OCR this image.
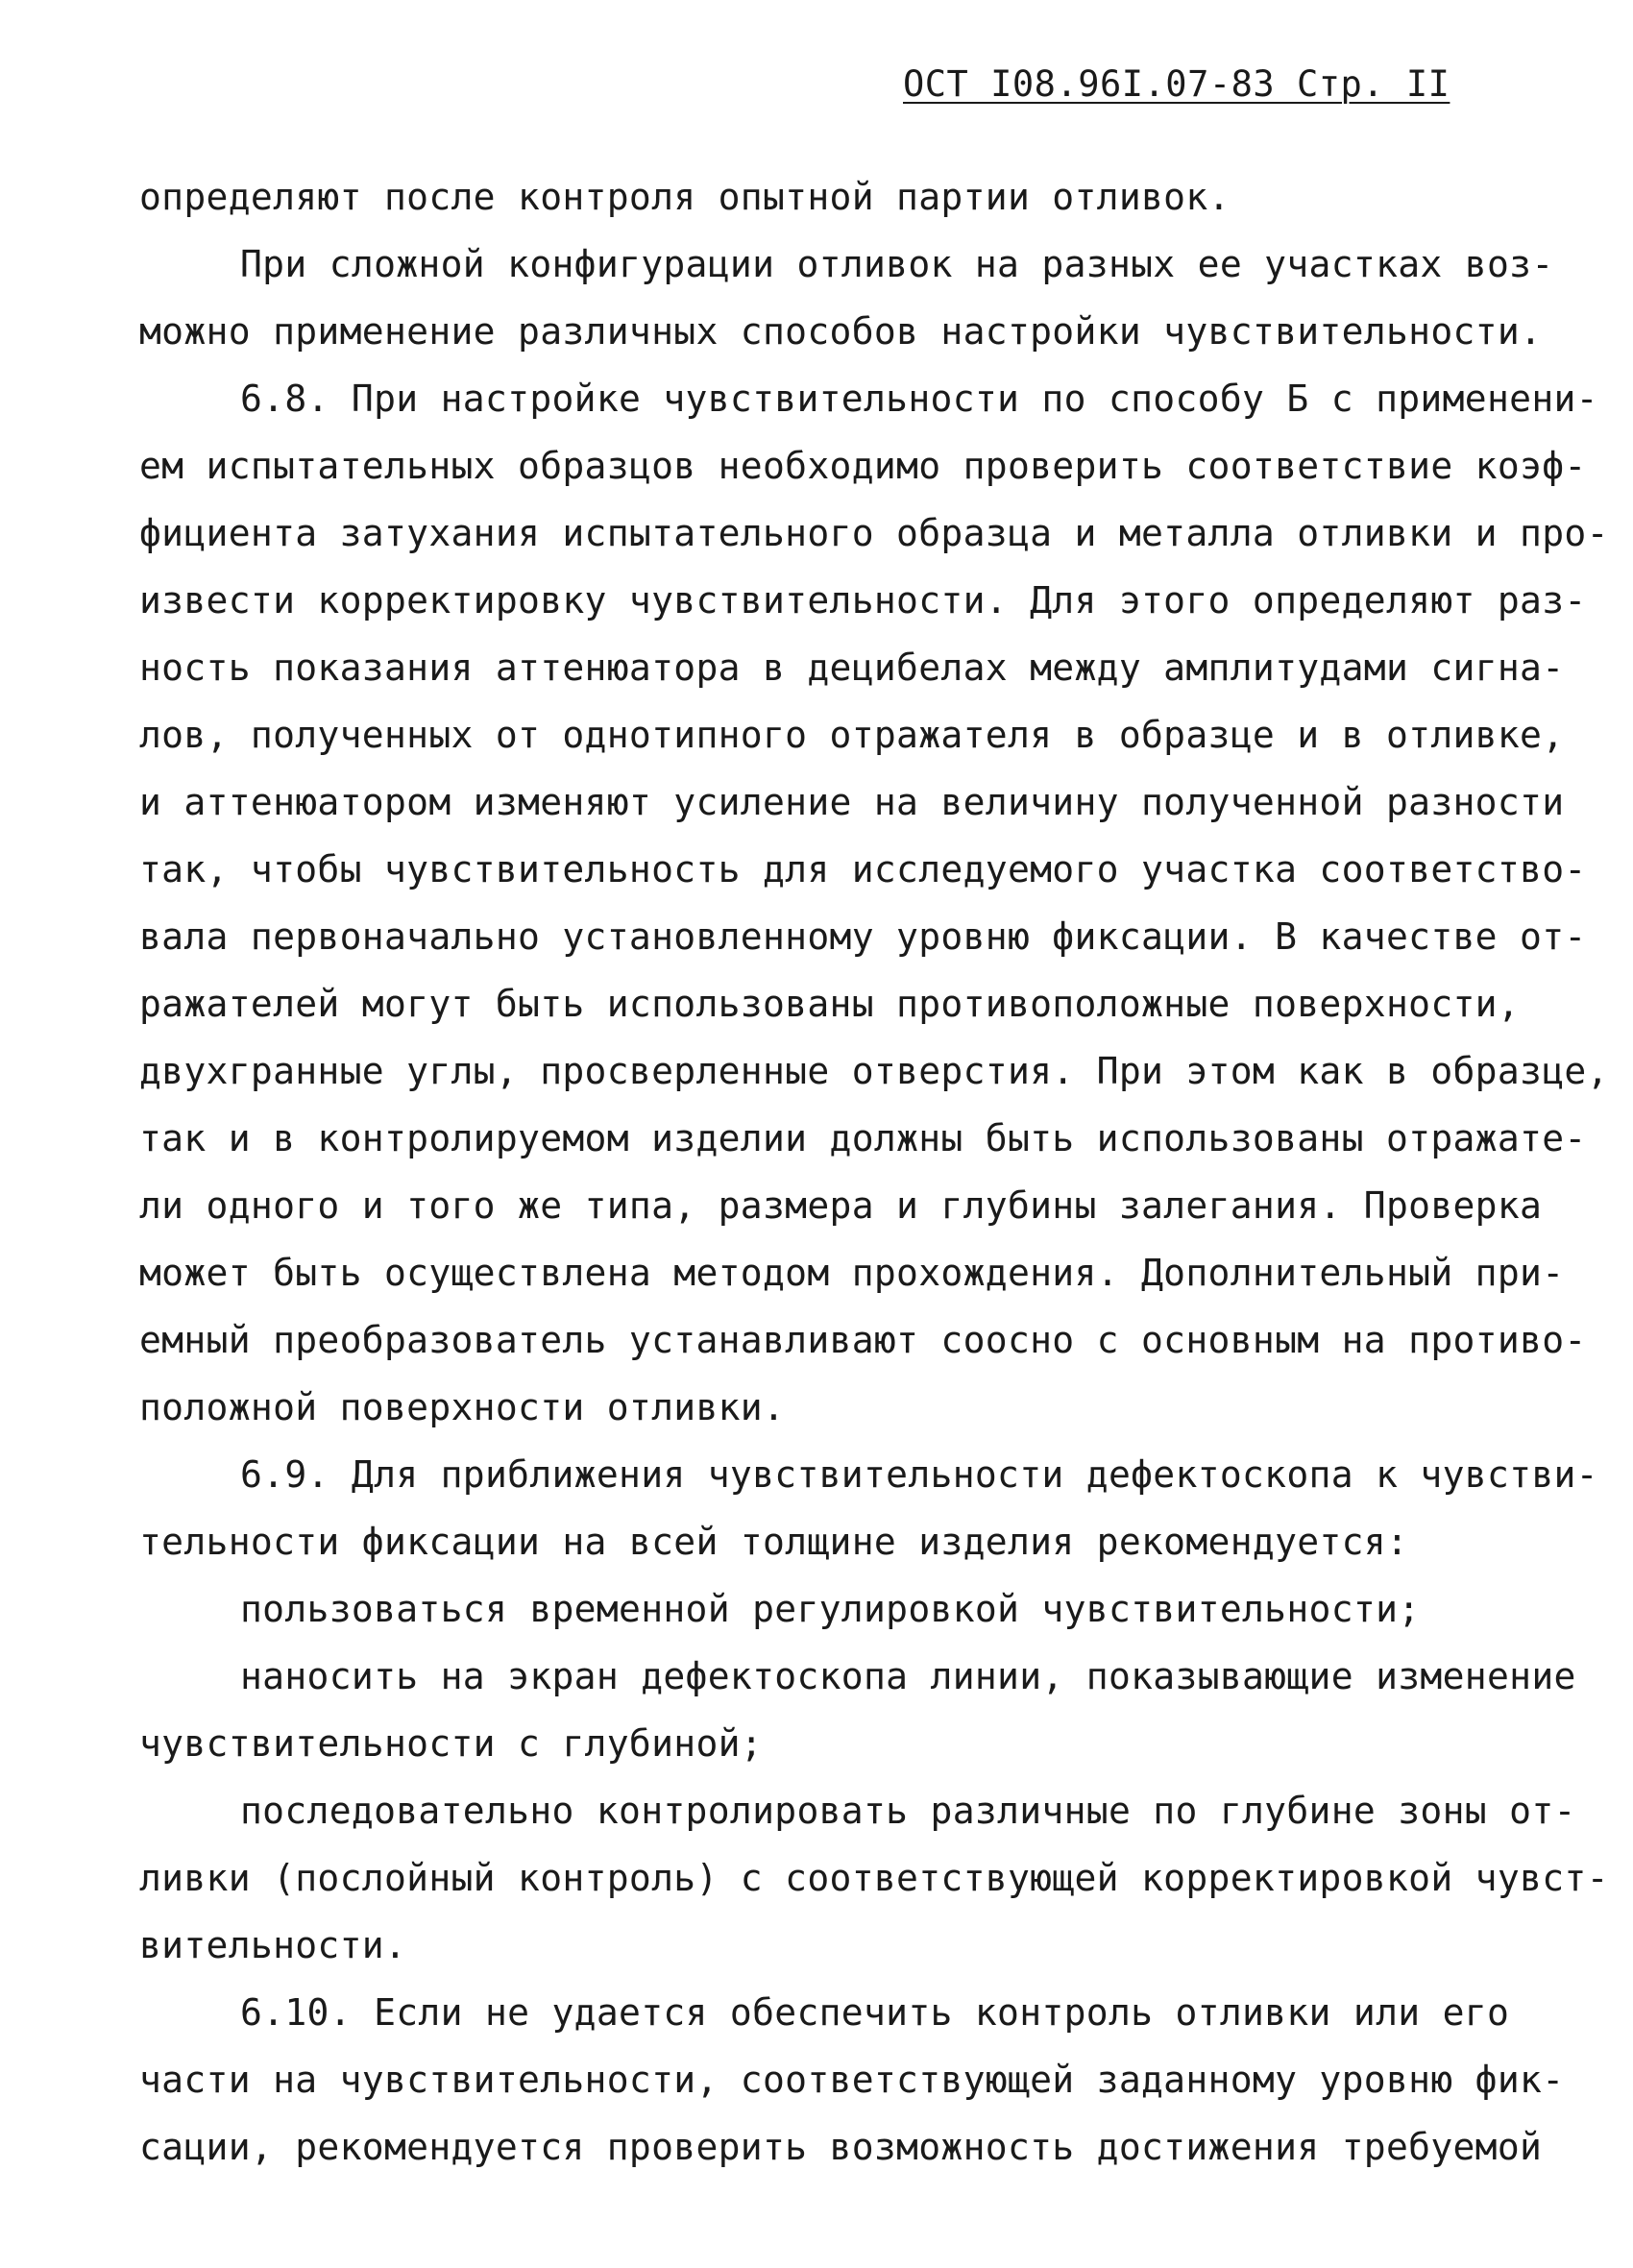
ОСТ I08.96I.07-83 Стр. II
определяют после контроля опытной партии отливок.
При сложной конфигурации отливок на разных ее участках воз-
можно применение различных способов настройки чувствительности.
6.8. При настройке чувствительности по способу Б с применени-
ем испытательных образцов необходимо проверить соответствие коэф-
фициента затухания испытательного образца и металла отливки и про-
извести корректировку чувствительности. Для этого определяют раз-
ность показания аттенюатора в децибелах между амплитудами сигна-
лов, полученных от однотипного отражателя в образце и в отливке,
и аттенюатором изменяют усиление на величину полученной разности
так, чтобы чувствительность для исследуемого участка соответство-
вала первоначально установленному уровню фиксации. В качестве от-
ражателей могут быть использованы противоположные поверхности,
двухгранные углы, просверленные отверстия. При этом как в образце,
так и в контролируемом изделии должны быть использованы отражате-
ли одного и того же типа, размера и глубины залегания. Проверка
может быть осуществлена методом прохождения. Дополнительный при-
емный преобразователь устанавливают соосно с основным на противо-
положной поверхности отливки.
6.9. Для приближения чувствительности дефектоскопа к чувстви-
тельности фиксации на всей толщине изделия рекомендуется:
пользоваться временной регулировкой чувствительности;
наносить на экран дефектоскопа линии, показывающие изменение
чувствительности с глубиной;
последовательно контролировать различные по глубине зоны от-
ливки (послойный контроль) с соответствующей корректировкой чувст-
вительности.
6.10. Если не удается обеспечить контроль отливки или его
части на чувствительности, соответствующей заданному уровню фик-
сации, рекомендуется проверить возможность достижения требуемой
